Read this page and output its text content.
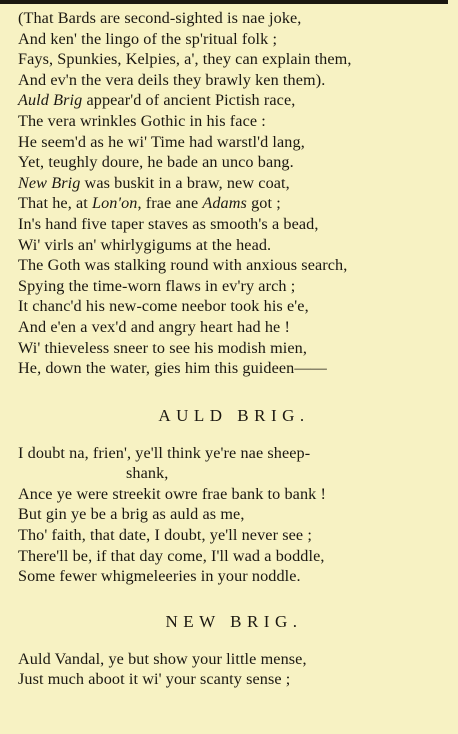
(That Bards are second-sighted is nae joke,
And ken' the lingo of the sp'ritual folk ;
Fays, Spunkies, Kelpies, a', they can explain them,
And ev'n the vera deils they brawly ken them).
Auld Brig appear'd of ancient Pictish race,
The vera wrinkles Gothic in his face :
He seem'd as he wi' Time had warstl'd lang,
Yet, teughly doure, he bade an unco bang.
New Brig was buskit in a braw, new coat,
That he, at Lon'on, frae ane Adams got ;
In's hand five taper staves as smooth's a bead,
Wi' virls an' whirlygigums at the head.
The Goth was stalking round with anxious search,
Spying the time-worn flaws in ev'ry arch ;
It chanc'd his new-come neebor took his e'e,
And e'en a vex'd and angry heart had he !
Wi' thieveless sneer to see his modish mien,
He, down the water, gies him this guideen——
AULD BRIG.
I doubt na, frien', ye'll think ye're nae sheep-
shank,
Ance ye were streekit owre frae bank to bank !
But gin ye be a brig as auld as me,
Tho' faith, that date, I doubt, ye'll never see ;
There'll be, if that day come, I'll wad a boddle,
Some fewer whigmeleeries in your noddle.
NEW BRIG.
Auld Vandal, ye but show your little mense,
Just much aboot it wi' your scanty sense ;
